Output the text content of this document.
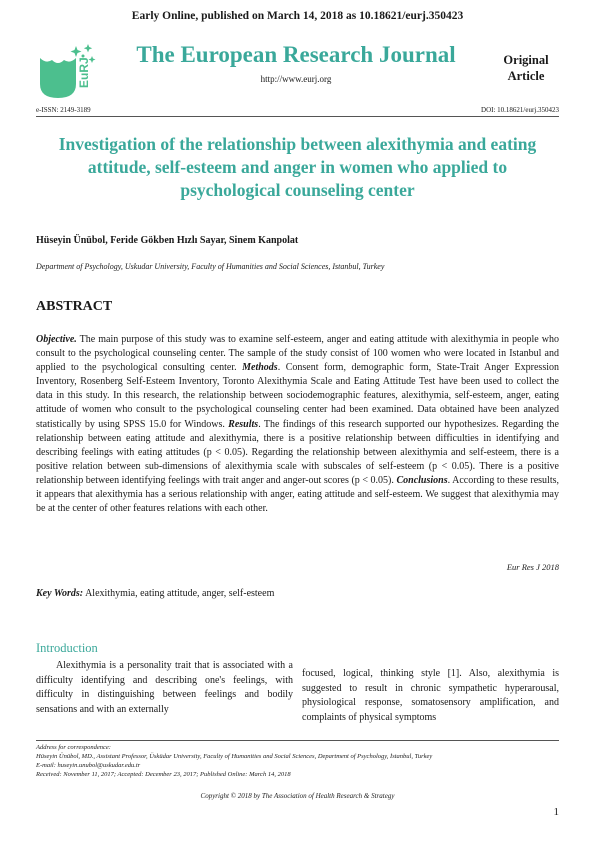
Early Online, published on March 14, 2018 as 10.18621/eurj.350423
EuRJ
The European Research Journal
http://www.eurj.org
Original
Article
e-ISSN: 2149-3189	DOI: 10.18621/eurj.350423
Investigation of the relationship between alexithymia and eating attitude, self-esteem and anger in women who applied to psychological counseling center
Hüseyin Ünübol, Feride Gökben Hızlı Sayar, Sinem Kanpolat
Department of Psychology, Uskudar University, Faculty of Humanities and Social Sciences, Istanbul, Turkey
ABSTRACT
Objective. The main purpose of this study was to examine self-esteem, anger and eating attitude with alexithymia in people who consult to the psychological counseling center. The sample of the study consist of 100 women who were located in Istanbul and applied to the psychological consulting center. Methods. Consent form, demographic form, State-Trait Anger Expression Inventory, Rosenberg Self-Esteem Inventory, Toronto Alexithymia Scale and Eating Attitude Test have been used to collect the data in this study. In this research, the relationship between sociodemographic features, alexithymia, self-esteem, anger, eating attitude of women who consult to the psychological counseling center had been examined. Data obtained have been analyzed statistically by using SPSS 15.0 for Windows. Results. The findings of this research supported our hypothesizes. Regarding the relationship between eating attitude and alexithymia, there is a positive relationship between difficulties in identifying and describing feelings with eating attitudes (p < 0.05). Regarding the relationship between alexithymia and self-esteem, there is a positive relation between sub-dimensions of alexithymia scale with subscales of self-esteem (p < 0.05). There is a positive relationship between identifying feelings with trait anger and anger-out scores (p < 0.05). Conclusions. According to these results, it appears that alexithymia has a serious relationship with anger, eating attitude and self-esteem. We suggest that alexithymia may be at the center of other features relations with each other.
Eur Res J 2018
Key Words: Alexithymia, eating attitude, anger, self-esteem
Introduction
Alexithymia is a personality trait that is associated with a difficulty identifying and describing one's feelings, with difficulty in distinguishing between feelings and bodily sensations and with an externally
focused, logical, thinking style [1]. Also, alexithymia is suggested to result in chronic sympathetic hyperarousal, physiological response, somatosensory amplification, and complaints of physical symptoms
Address for correspondence:
Hüseyin Ünübol, MD., Assistant Professor, Üsküdar University, Faculty of Humanities and Social Sciences, Department of Psychology, İstanbul, Turkey
E-mail: huseyin.unubol@uskudar.edu.tr
Received: November 11, 2017; Accepted: December 23, 2017; Published Online: March 14, 2018
Copyright © 2018 by The Association of Health Research & Strategy
1
